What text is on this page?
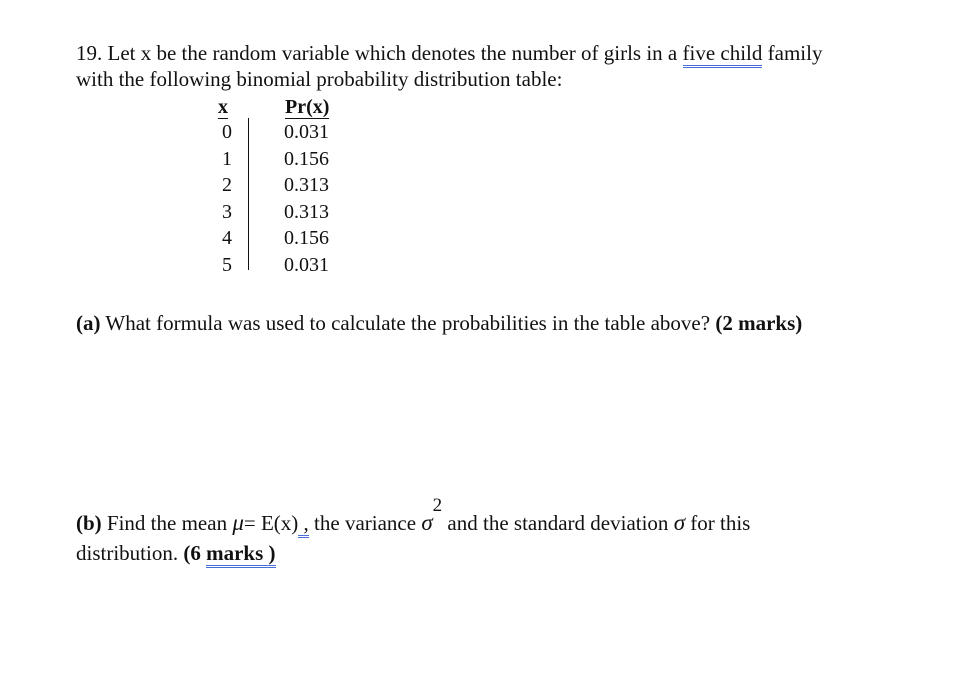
19. Let x be the random variable which denotes the number of girls in a five child family
with the following binomial probability distribution table:
x
0
1
2
3
4
5
Pr(x)
0.031
0.156
0.313
0.313
0.156
0.031
(a) What formula was used to calculate the probabilities in the table above? (2 marks)
(b) Find the mean μ= E(x) , the variance $\sigma^2$ and the standard deviation σ for this
distribution. (6 marks )
